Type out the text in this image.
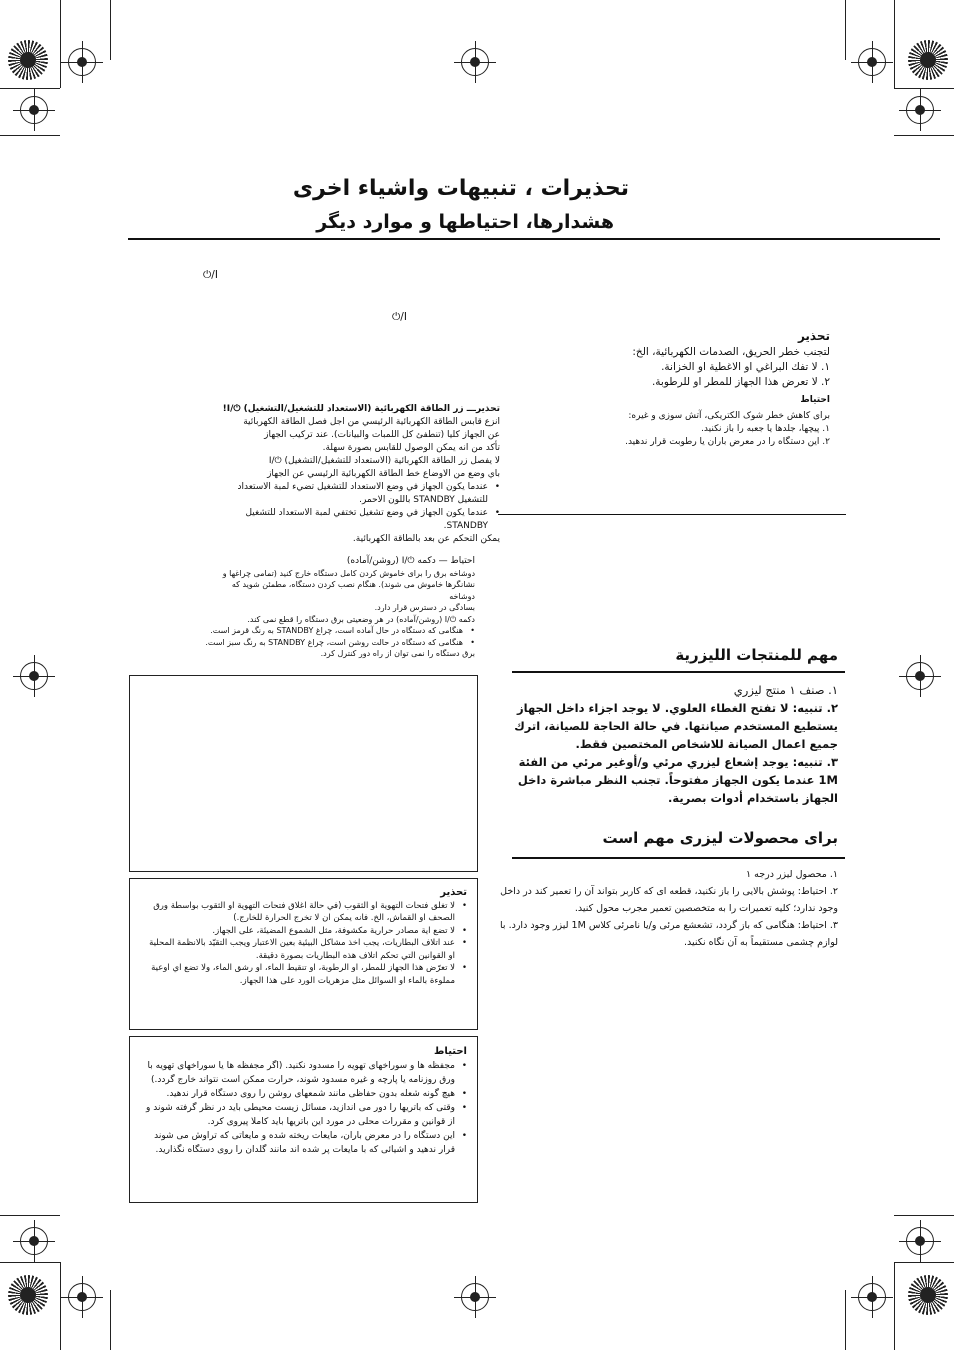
تحذيرات ، تنبيهات واشياء اخرى
هشدارها، احتياطها و موارد ديگر
⏻/I
⏻/I
تحذير
لتجنب خطر الحريق، الصدمات الكهربائية، الخ:
١. لا تفك البراغي او الاغطية او الخزانة.
٢. لا تعرض هذا الجهاز للمطر او للرطوبة.
احتياط
براى كاهش خطر شوک الكتريكى، آتش سوزى و غيره:
١. پيچها، جلدها يا جعبه را باز نكنيد.
٢. اين دستگاه را در معرض باران يا رطوبت قرار ندهيد.
تحذيرـــ زر الطاقة الكهربائية (الاستعداد للتشغيل/التشغيل) ⏻/I!
انزع قابس الطاقة الكهربائية الرئيسي من اجل فصل الطاقة الكهربائية
عن الجهاز كليا (تنطفئ كل اللمبات والبيانات). عند تركيب الجهاز
تأكد من انه يمكن الوصول للقابس بصورة سهلة.
لا يفصل زر الطاقة الكهربائية (الاستعداد للتشغيل/التشغيل) ⏻/I
باي وضع من الاوضاع خط الطاقة الكهربائية الرئيسي عن الجهاز
• عندما يكون الجهاز في وضع الاستعداد للتشغيل تضيء لمبة الاستعداد للتشغيل STANDBY باللون الاحمر.
• عندما يكون الجهاز في وضع تشغيل تختفي لمبة الاستعداد للتشغيل STANDBY.
يمكن التحكم عن بعد بالطاقة الكهربائية.
احتياط — دكمه ⏻/I (روشن/آماده)
دوشاخه برق را براى خاموش كردن كامل دستگاه خارج كنيد (تمامى چراغها و
نشانگرها خاموش مى شوند). هنگام نصب كردن دستگاه، مطمئن شويد كه دوشاخه
بسادگى در دسترس قرار دارد.
دكمه ⏻/I (روشن/آماده) در هر وضعيتى برق دستگاه را قطع نمى كند.
• هنگامى كه دستگاه در حال آماده است، چراغ STANDBY به رنگ قرمز است.
• هنگامى كه دستگاه در حالت روشن است، چراغ STANDBY به رنگ سبز است.
برق دستگاه را نمى توان از راه دور كنترل كرد.	مهم للمنتجات الليزرية
١. صنف ١ منتج ليزري
٢. تنبيه: لا تفتح الغطاء العلوي. لا يوجد اجزاء داخل الجهاز يستطيع المستخدم صيانتها. في حالة الحاجة للصيانة، اترك جميع اعمال الصيانة للاشخاص المختصين فقط.
٣. تنبيه: يوجد إشعاع ليزري مرئي و/أوغير مرئي من الفئة 1M عندما يكون الجهاز مفتوحاً. تجنب النظر مباشرة داخل الجهاز باستخدام أدوات بصرية.
براى محصولات ليزرى مهم است
١. محصول ليزر درجه ١
٢. احتياط: پوشش بالايى را باز نكنيد، قطعه اى كه كاربر بتواند آن را تعمير كند در داخل وجود ندارد؛ كليه تعميرات را به متخصصين تعمير مجرب محول كنيد.
٣. احتياط: هنگامى كه باز گردد، تشعشع مرئى و/يا نامرئى كلاس 1M ليزر وجود دارد. با لوازم چشمى مستقيماً به آن نگاه نكنيد.
تحذير
• لا تغلق فتحات التهوية او الثقوب (في حالة اغلاق فتحات التهوية او الثقوب بواسطة ورق الصحف او القماش، الخ. فانه يمكن ان لا تخرج الحرارة للخارج.)
• لا تضع اية مصادر حرارية مكشوفة، مثل الشموع المضيئة، على الجهاز.
• عند اتلاف البطاريات، يجب اخذ مشاكل البيئية بعين الاعتبار ويجب التقيّد بالانظمة المحلية او القوانين التي تحكم اتلاف هذه البطاريات بصورة دقيقة.
• لا تعرّض هذا الجهاز للمطر، او الرطوبة، او تنقيط الماء، او رشق الماء، ولا تضع اي اوعية مملوءة بالماء او السوائل مثل مزهريات الورد على هذا الجهاز.
احتياط
• مجفظه ها و سوراخهاى تهويه را مسدود نكنيد. (اگر مجفظه ها يا سوراخهاى تهويه با ورق روزنامه يا پارچه و غيره مسدود شوند، حرارت ممكن است نتواند خارج گردد.)
• هيچ گونه شعله بدون حفاظى مانند شمعهاى روشن را روى دستگاه قرار ندهيد.
• وقتى كه باتريها را دور مى اندازيد، مسائل زيست محيطى بايد در نظر گرفته شوند و از قوانين و مقررات محلى در مورد اين باتريها بايد كاملا پيروى كرد.
• اين دستگاه را در معرض باران، مايعات ريخته شده و مايعاتى كه تراوش مى شوند قرار ندهيد و اشيائى كه با مايعات پر شده اند مانند گلدان را روى دستگاه نگذاريد.
